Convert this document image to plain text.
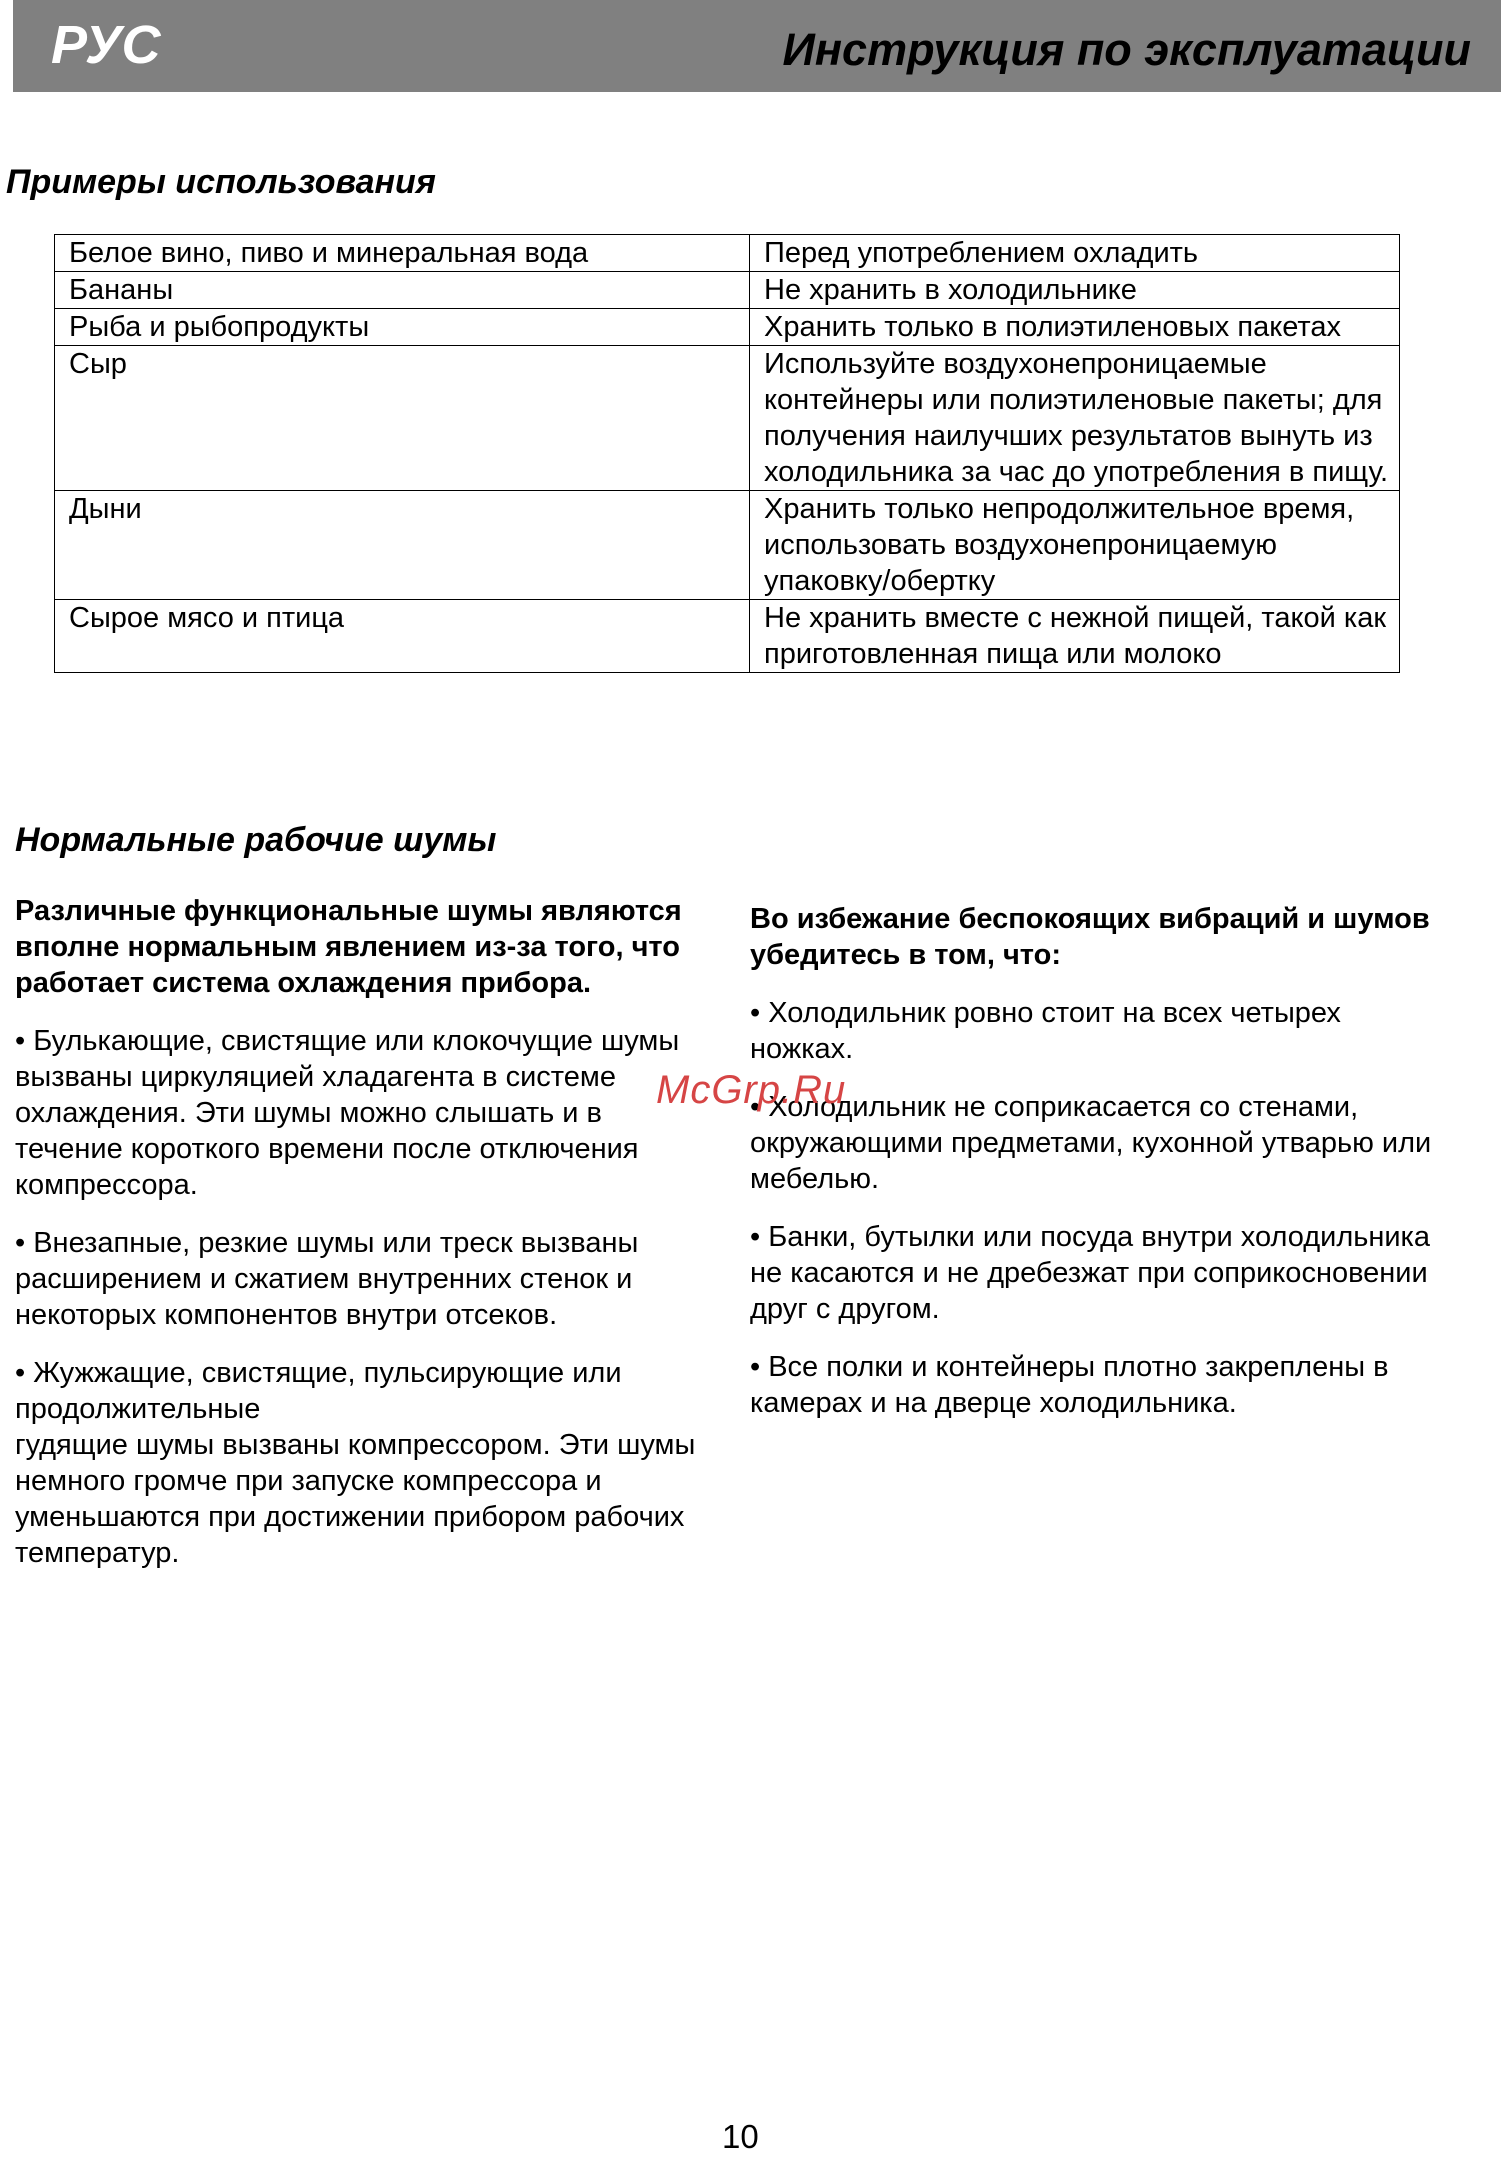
РУС	Инструкция по эксплуатации
Примеры использования
Белое вино, пиво и минеральная вода	Перед употреблением охладить
Бананы	Не хранить в холодильнике
Рыба и рыбопродукты	Хранить только в полиэтиленовых пакетах
Сыр	Используйте воздухонепроницаемые контейнеры или полиэтиленовые пакеты; для получения наилучших результатов вынуть из холодильника за час до употребления в пищу.
Дыни	Хранить только непродолжительное время, использовать воздухонепроницаемую упаковку/обертку
Сырое мясо и птица	Не хранить вместе с нежной пищей, такой как приготовленная пища или молоко
Нормальные рабочие шумы

Различные функциональные шумы являются вполне нормальным явлением из-за того, что работает система охлаждения прибора.

• Булькающие, свистящие или клокочущие шумы вызваны циркуляцией хладагента в системе охлаждения. Эти шумы можно слышать и в течение короткого времени после отключения компрессора.

• Внезапные, резкие шумы или треск вызваны расширением и сжатием внутренних стенок и некоторых компонентов внутри отсеков.

• Жужжащие, свистящие, пульсирующие или продолжительные

гудящие шумы вызваны компрессором. Эти шумы немного громче при запуске компрессора и уменьшаются при достижении прибором рабочих температур.

Во избежание беспокоящих вибраций и шумов убедитесь в том, что:

• Холодильник ровно стоит на всех четырех ножках.

• Холодильник не соприкасается со стенами, окружающими предметами, кухонной утварью или мебелью.

• Банки, бутылки или посуда внутри холодильника не касаются и не дребезжат при соприкосновении друг с другом.

• Все полки и контейнеры плотно закреплены в камерах и на дверце холодильника.

McGrp.Ru
10
